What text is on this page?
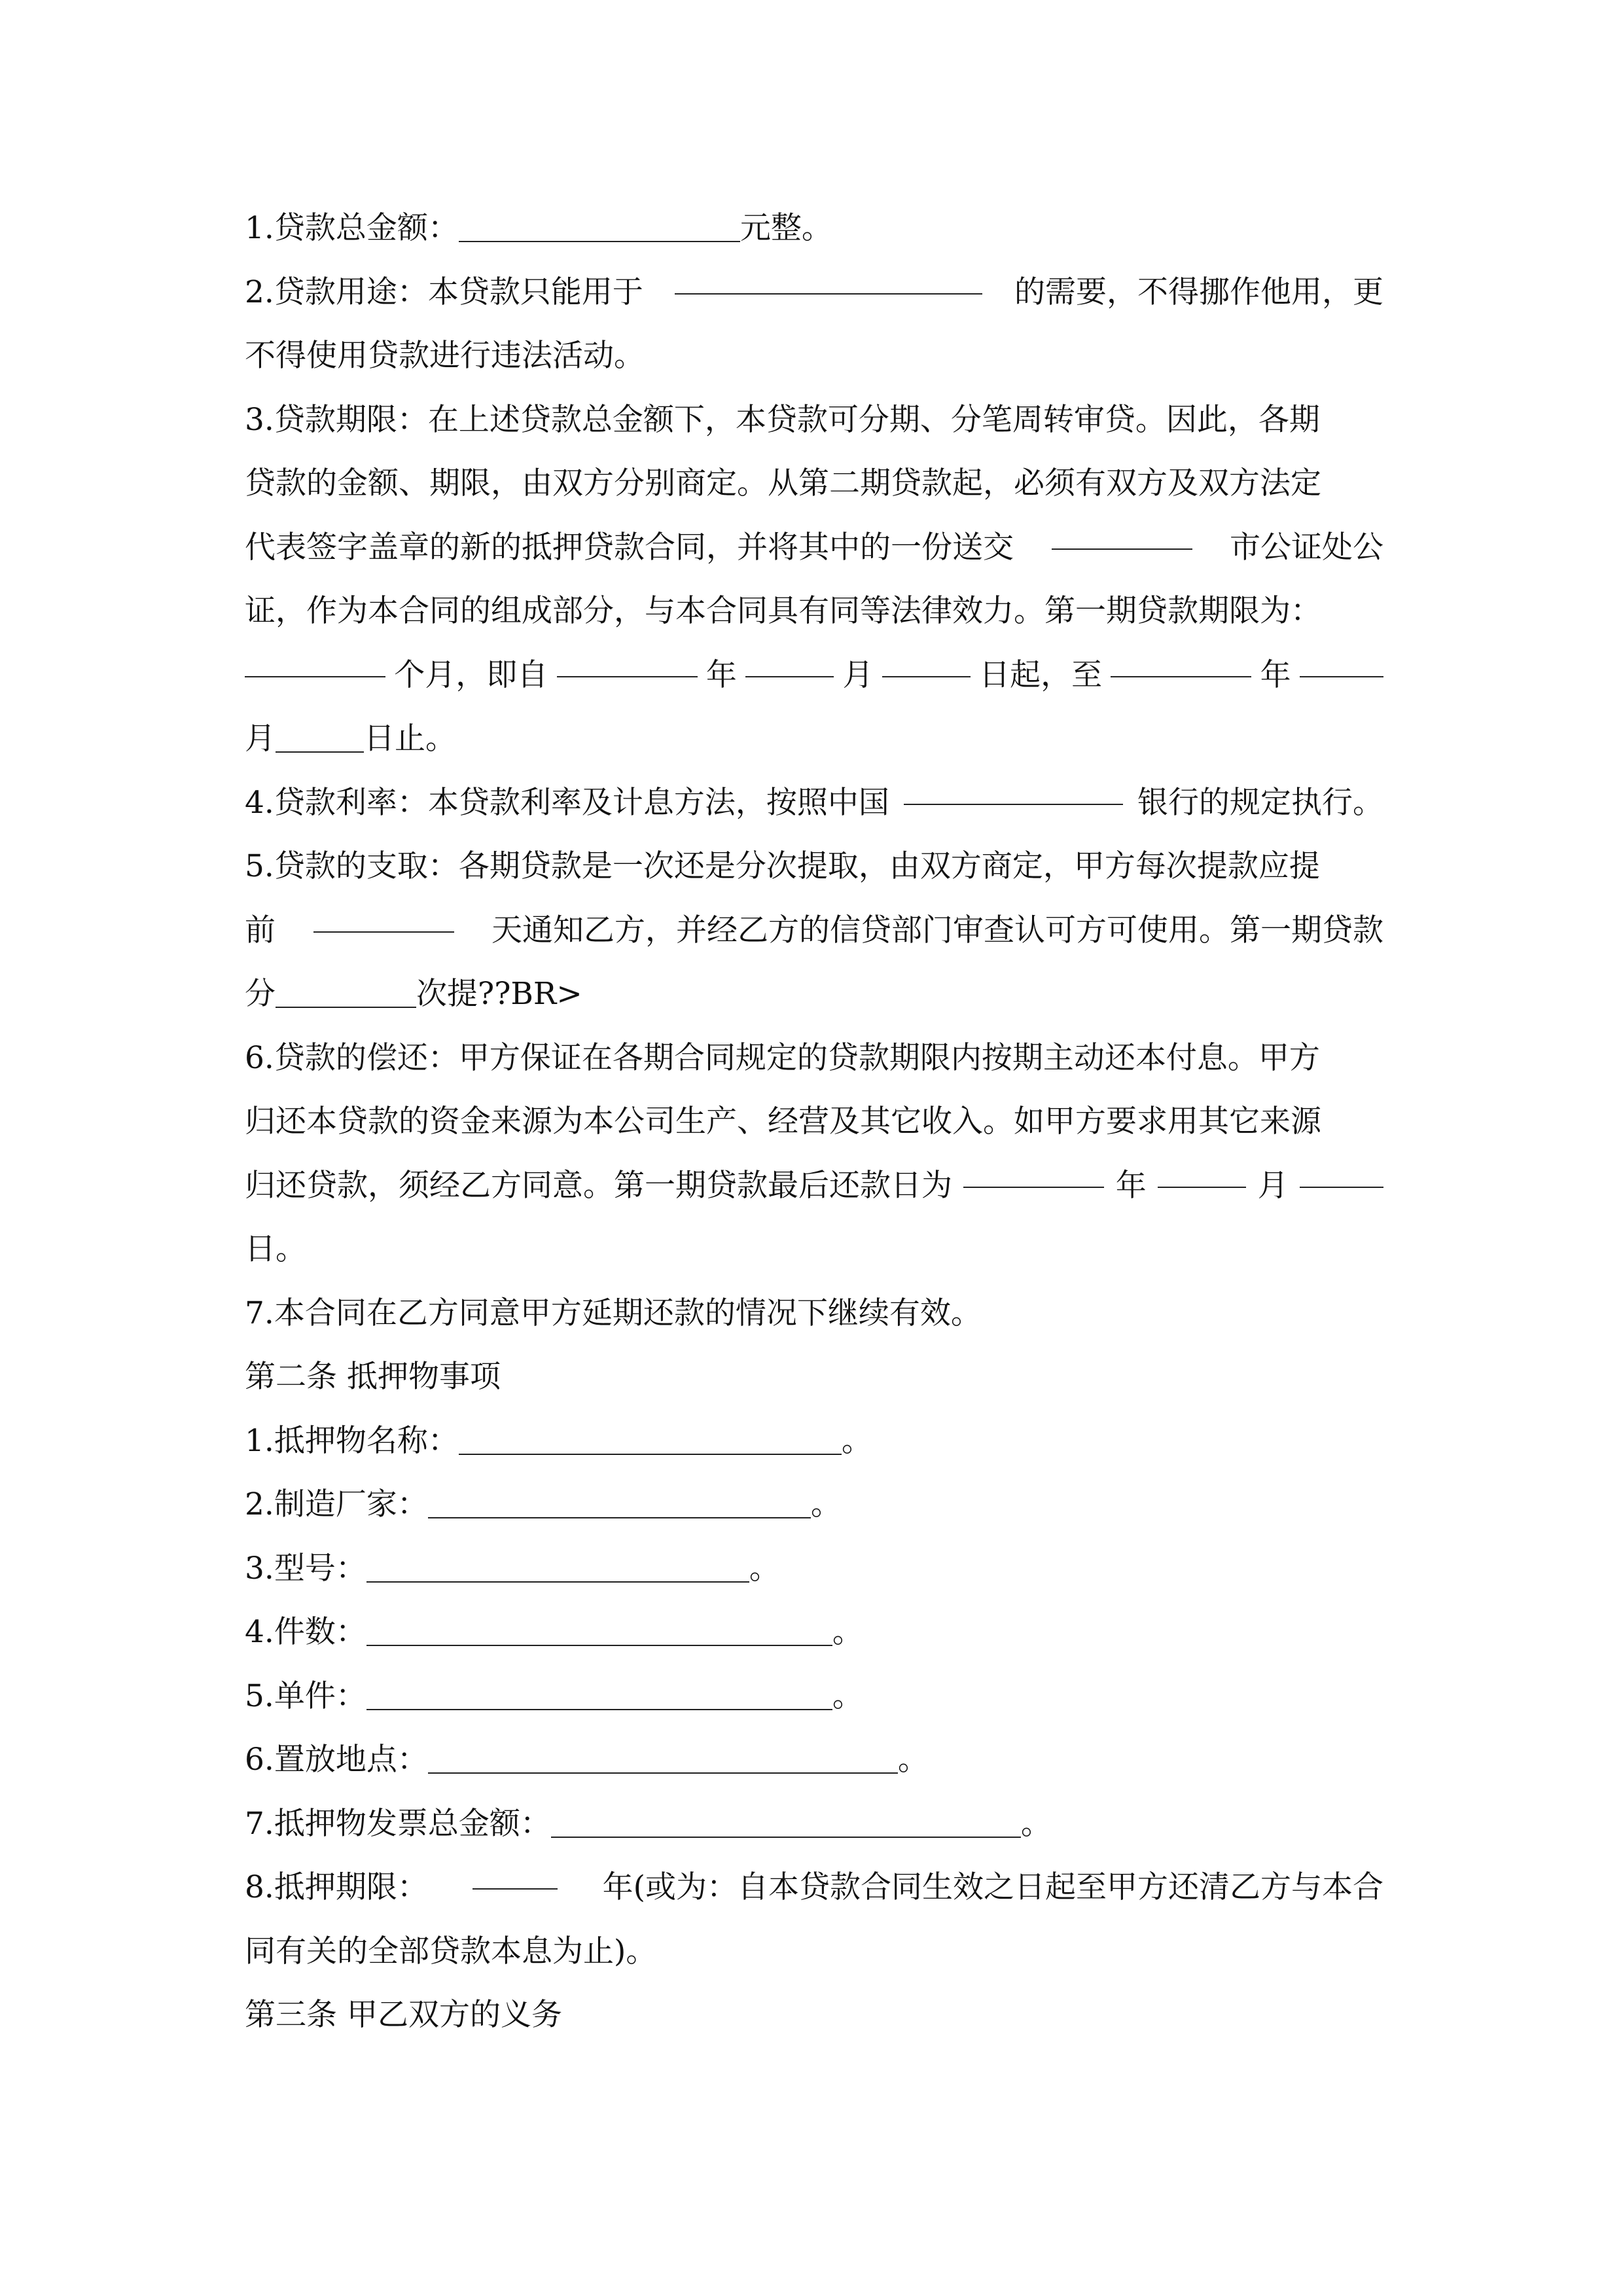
1.贷款总金额：	元整。
2.贷款用途：本贷款只能用于	的需要，不得挪作他用，更
不得使用贷款进行违法活动。
3.贷款期限：在上述贷款总金额下，本贷款可分期、分笔周转审贷。因此，各期
贷款的金额、期限，由双方分别商定。从第二期贷款起，必须有双方及双方法定
代表签字盖章的新的抵押贷款合同，并将其中的一份送交	市公证处公
证，作为本合同的组成部分，与本合同具有同等法律效力。第一期贷款期限为：
个月，即自	年	月	日起，至	年
月	日止。
4.贷款利率：本贷款利率及计息方法，按照中国	银行的规定执行。
5.贷款的支取：各期贷款是一次还是分次提取，由双方商定，甲方每次提款应提
前	天通知乙方，并经乙方的信贷部门审查认可方可使用。第一期贷款
分	次提??BR>
6.贷款的偿还：甲方保证在各期合同规定的贷款期限内按期主动还本付息。甲方
归还本贷款的资金来源为本公司生产、经营及其它收入。如甲方要求用其它来源
归还贷款，须经乙方同意。第一期贷款最后还款日为	年	月
日。
7.本合同在乙方同意甲方延期还款的情况下继续有效。
第二条 抵押物事项
1.抵押物名称：	。
2.制造厂家：	。
3.型号：	。
4.件数：	。
5.单件：	。
6.置放地点：	。
7.抵押物发票总金额：	。
8.抵押期限：	年(或为：自本贷款合同生效之日起至甲方还清乙方与本合
同有关的全部贷款本息为止)。
第三条 甲乙双方的义务
